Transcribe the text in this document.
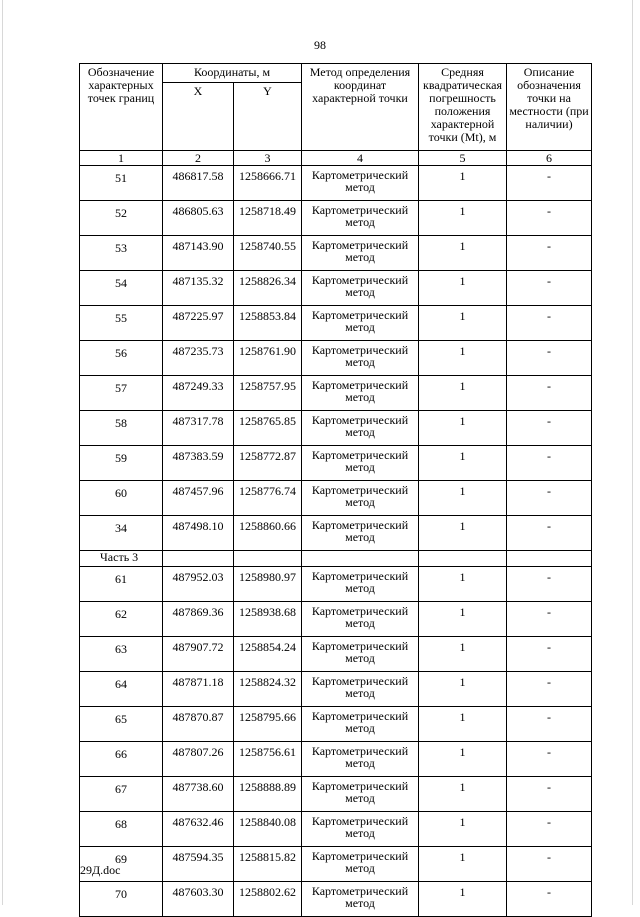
98
Обозначение характерных точек границ	Координаты, м		Метод определения координат характерной точки	Средняя квадратическая погрешность положения характерной точки (Mt), м	Описание обозначения точки на местности (при наличии)
	X	Y			
1	2	3	4	5	6
51	486817.58	1258666.71	Картометрический метод	1	-
52	486805.63	1258718.49	Картометрический метод	1	-
53	487143.90	1258740.55	Картометрический метод	1	-
54	487135.32	1258826.34	Картометрический метод	1	-
55	487225.97	1258853.84	Картометрический метод	1	-
56	487235.73	1258761.90	Картометрический метод	1	-
57	487249.33	1258757.95	Картометрический метод	1	-
58	487317.78	1258765.85	Картометрический метод	1	-
59	487383.59	1258772.87	Картометрический метод	1	-
60	487457.96	1258776.74	Картометрический метод	1	-
34	487498.10	1258860.66	Картометрический метод	1	-
Часть 3					
61	487952.03	1258980.97	Картометрический метод	1	-
62	487869.36	1258938.68	Картометрический метод	1	-
63	487907.72	1258854.24	Картометрический метод	1	-
64	487871.18	1258824.32	Картометрический метод	1	-
65	487870.87	1258795.66	Картометрический метод	1	-
66	487807.26	1258756.61	Картометрический метод	1	-
67	487738.60	1258888.89	Картометрический метод	1	-
68	487632.46	1258840.08	Картометрический метод	1	-
69	487594.35	1258815.82	Картометрический метод	1	-
70	487603.30	1258802.62	Картометрический метод	1	-
29Д.doc
